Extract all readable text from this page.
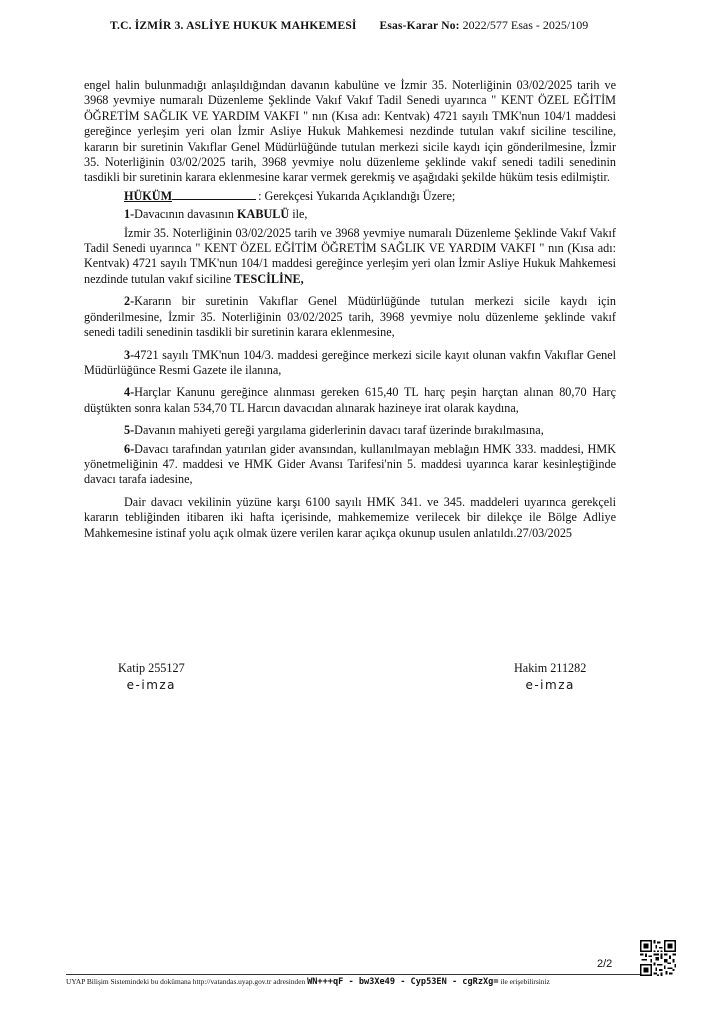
T.C. İZMİR 3. ASLİYE HUKUK MAHKEMESİ Esas-Karar No: 2022/577 Esas - 2025/109

engel halin bulunmadığı anlaşıldığından davanın kabulüne ve İzmir 35. Noterliğinin 03/02/2025 tarih ve 3968 yevmiye numaralı Düzenleme Şeklinde Vakıf Vakıf Tadil Senedi uyarınca " KENT ÖZEL EĞİTİM ÖĞRETİM SAĞLIK VE YARDIM VAKFI " nın (Kısa adı: Kentvak) 4721 sayılı TMK'nun 104/1 maddesi gereğince yerleşim yeri olan İzmir Asliye Hukuk Mahkemesi nezdinde tutulan vakıf siciline tesciline, kararın bir suretinin Vakıflar Genel Müdürlüğünde tutulan merkezi sicile kaydı için gönderilmesine, İzmir 35. Noterliğinin 03/02/2025 tarih, 3968 yevmiye nolu düzenleme şeklinde vakıf senedi tadili senedinin tasdikli bir suretinin karara eklenmesine karar vermek gerekmiş ve aşağıdaki şekilde hüküm tesis edilmiştir.

HÜKÜM	: Gerekçesi Yukarıda Açıklandığı Üzere;

1-Davacının davasının KABULÜ ile,

İzmir 35. Noterliğinin 03/02/2025 tarih ve 3968 yevmiye numaralı Düzenleme Şeklinde Vakıf Vakıf Tadil Senedi uyarınca " KENT ÖZEL EĞİTİM ÖĞRETİM SAĞLIK VE YARDIM VAKFI " nın (Kısa adı: Kentvak) 4721 sayılı TMK'nun 104/1 maddesi gereğince yerleşim yeri olan İzmir Asliye Hukuk Mahkemesi nezdinde tutulan vakıf siciline TESCİLİNE,

2-Kararın bir suretinin Vakıflar Genel Müdürlüğünde tutulan merkezi sicile kaydı için gönderilmesine, İzmir 35. Noterliğinin 03/02/2025 tarih, 3968 yevmiye nolu düzenleme şeklinde vakıf senedi tadili senedinin tasdikli bir suretinin karara eklenmesine,

3-4721 sayılı TMK'nun 104/3. maddesi gereğince merkezi sicile kayıt olunan vakfın Vakıflar Genel Müdürlüğünce Resmi Gazete ile ilanına,

4-Harçlar Kanunu gereğince alınması gereken 615,40 TL harç peşin harçtan alınan 80,70 Harç düştükten sonra kalan 534,70 TL Harcın davacıdan alınarak hazineye irat olarak kaydına,

5-Davanın mahiyeti gereği yargılama giderlerinin davacı taraf üzerinde bırakılmasına,

6-Davacı tarafından yatırılan gider avansından, kullanılmayan meblağın HMK 333. maddesi, HMK yönetmeliğinin 47. maddesi ve HMK Gider Avansı Tarifesi'nin 5. maddesi uyarınca karar kesinleştiğinde davacı tarafa iadesine,

Dair davacı vekilinin yüzüne karşı 6100 sayılı HMK 341. ve 345. maddeleri uyarınca gerekçeli kararın tebliğinden itibaren iki hafta içerisinde, mahkememize verilecek bir dilekçe ile Bölge Adliye Mahkemesine istinaf yolu açık olmak üzere verilen karar açıkça okunup usulen anlatıldı.27/03/2025

Katip 255127
e-imza
Hakim 211282
e-imza
2/2
UYAP Bilişim Sistemindeki bu dokümana http://vatandas.uyap.gov.tr adresinden WN+++qF - bw3Xe49 - Cyp53EN - cgRzXg= ile erişebilirsiniz
